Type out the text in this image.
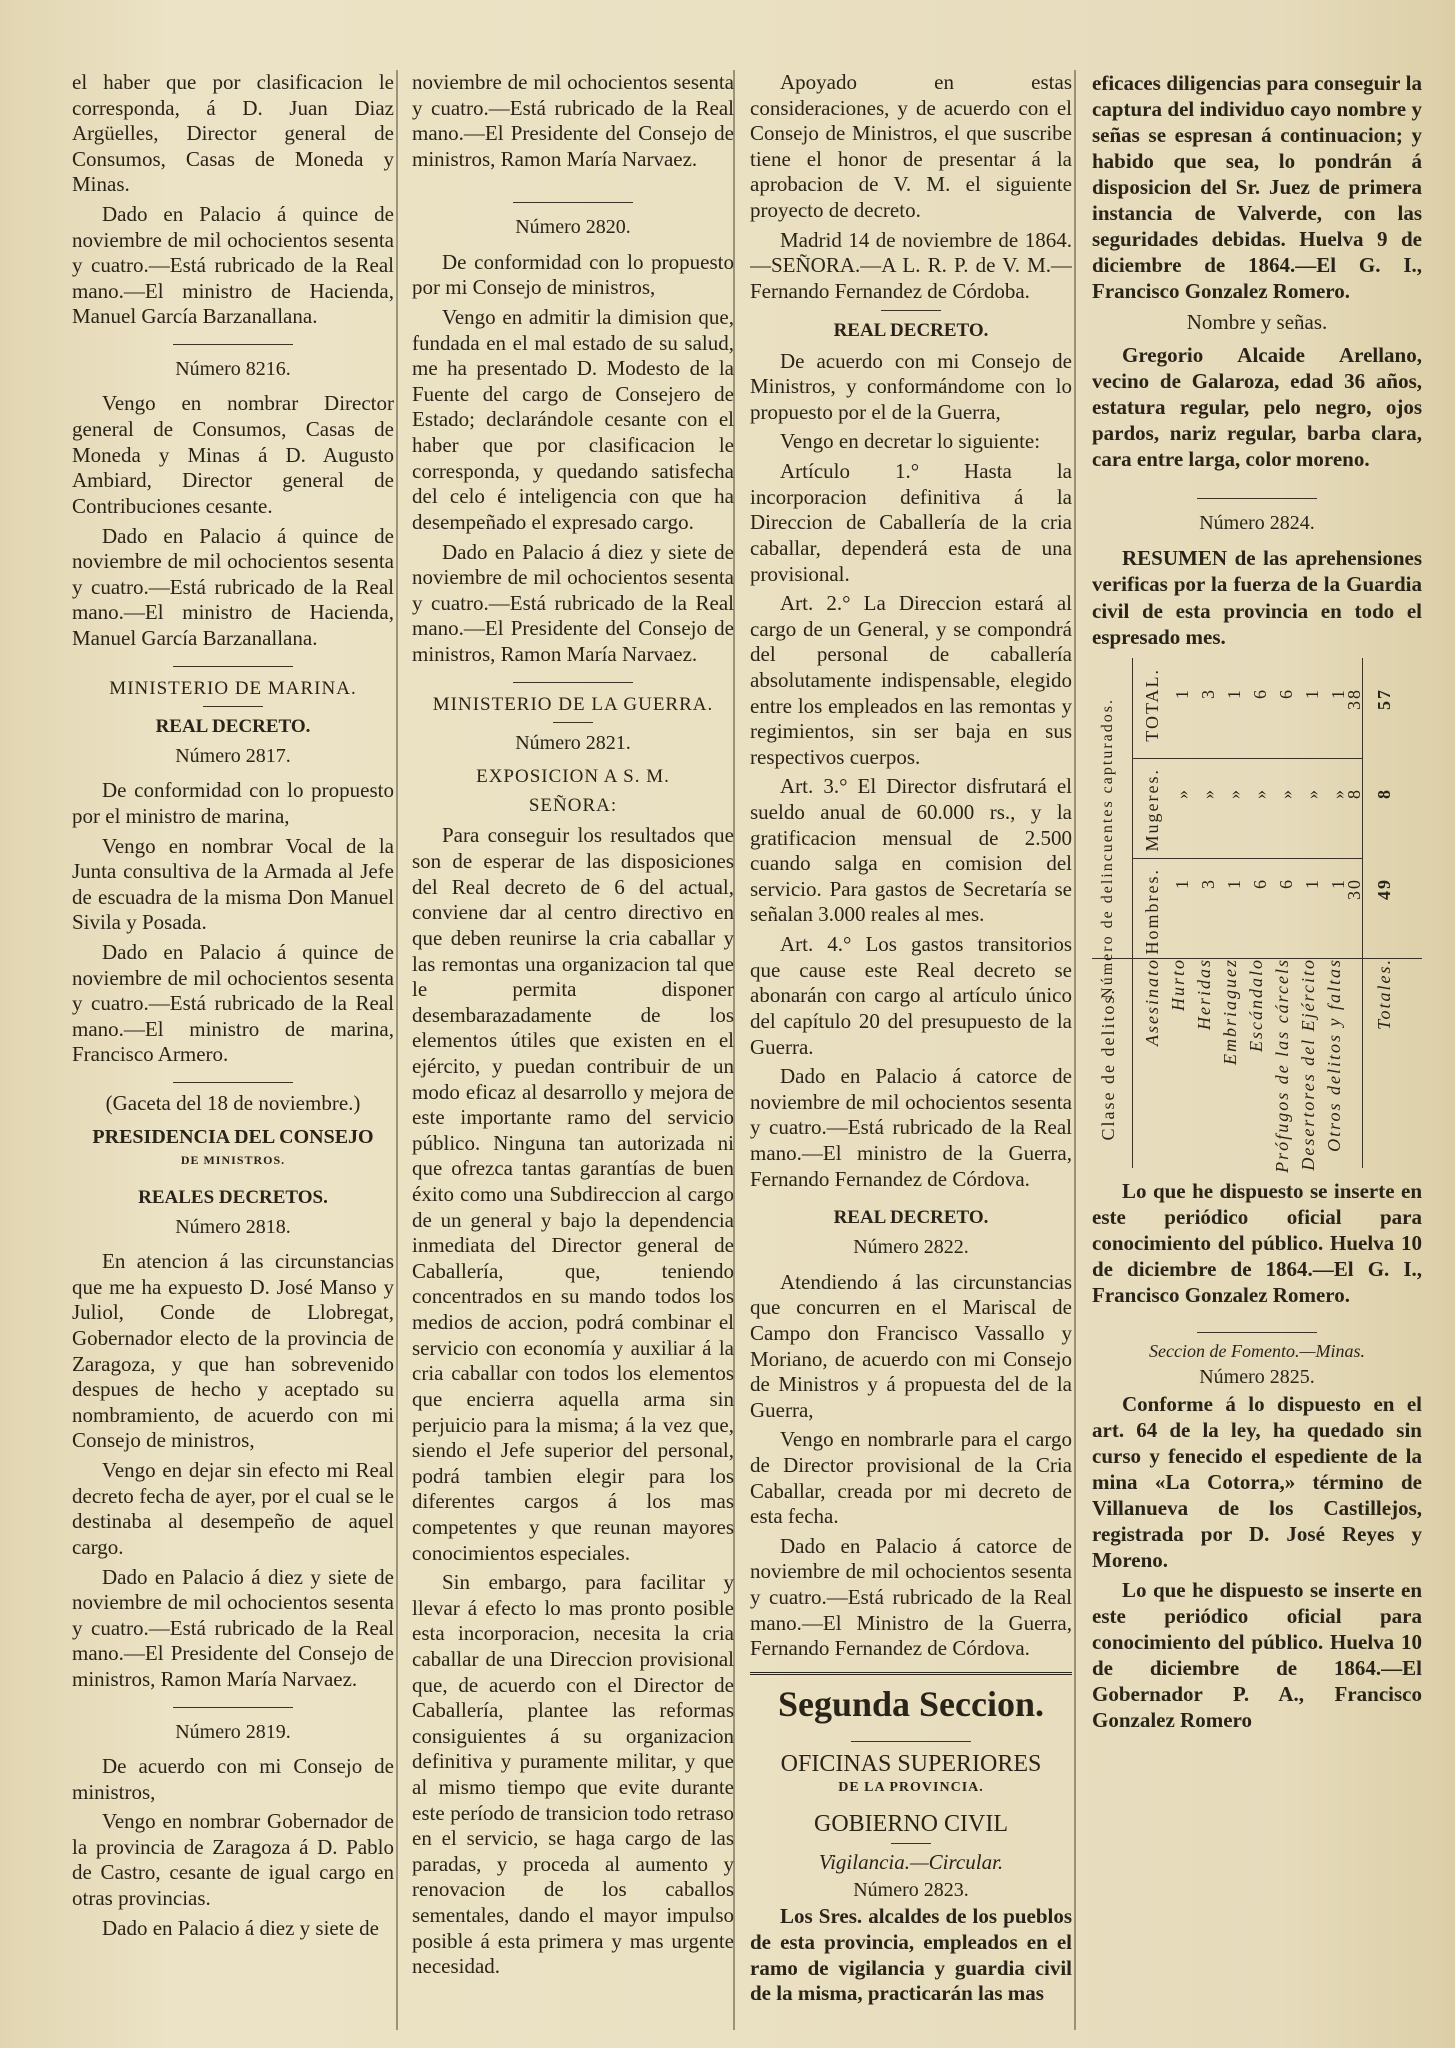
el haber que por clasificacion le corresponda, á D. Juan Diaz Argüelles, Director general de Consumos, Casas de Moneda y Minas.

Dado en Palacio á quince de noviembre de mil ochocientos sesenta y cuatro.—Está rubricado de la Real mano.—El ministro de Hacienda, Manuel García Barzanallana.

Número 8216.

Vengo en nombrar Director general de Consumos, Casas de Moneda y Minas á D. Augusto Ambiard, Director general de Contribuciones cesante.

Dado en Palacio á quince de noviembre de mil ochocientos sesenta y cuatro.—Está rubricado de la Real mano.—El ministro de Hacienda, Manuel García Barzanallana.

MINISTERIO DE MARINA.
REAL DECRETO.
Número 2817.

De conformidad con lo propuesto por el ministro de marina,

Vengo en nombrar Vocal de la Junta consultiva de la Armada al Jefe de escuadra de la misma Don Manuel Sivila y Posada.

Dado en Palacio á quince de noviembre de mil ochocientos sesenta y cuatro.—Está rubricado de la Real mano.—El ministro de marina, Francisco Armero.

(Gaceta del 18 de noviembre.)
PRESIDENCIA DEL CONSEJO
DE MINISTROS.
REALES DECRETOS.
Número 2818.

En atencion á las circunstancias que me ha expuesto D. José Manso y Juliol, Conde de Llobregat, Gobernador electo de la provincia de Zaragoza, y que han sobrevenido despues de hecho y aceptado su nombramiento, de acuerdo con mi Consejo de ministros,

Vengo en dejar sin efecto mi Real decreto fecha de ayer, por el cual se le destinaba al desempeño de aquel cargo.

Dado en Palacio á diez y siete de noviembre de mil ochocientos sesenta y cuatro.—Está rubricado de la Real mano.—El Presidente del Consejo de ministros, Ramon María Narvaez.

Número 2819.

De acuerdo con mi Consejo de ministros,

Vengo en nombrar Gobernador de la provincia de Zaragoza á D. Pablo de Castro, cesante de igual cargo en otras provincias.

Dado en Palacio á diez y siete de

noviembre de mil ochocientos sesenta y cuatro.—Está rubricado de la Real mano.—El Presidente del Consejo de ministros, Ramon María Narvaez.

Número 2820.

De conformidad con lo propuesto por mi Consejo de ministros,

Vengo en admitir la dimision que, fundada en el mal estado de su salud, me ha presentado D. Modesto de la Fuente del cargo de Consejero de Estado; declarándole cesante con el haber que por clasificacion le corresponda, y quedando satisfecha del celo é inteligencia con que ha desempeñado el expresado cargo.

Dado en Palacio á diez y siete de noviembre de mil ochocientos sesenta y cuatro.—Está rubricado de la Real mano.—El Presidente del Consejo de ministros, Ramon María Narvaez.

MINISTERIO DE LA GUERRA.
Número 2821.
EXPOSICION A S. M.
SEÑORA:

Para conseguir los resultados que son de esperar de las disposiciones del Real decreto de 6 del actual, conviene dar al centro directivo en que deben reunirse la cria caballar y las remontas una organizacion tal que le permita disponer desembarazadamente de los elementos útiles que existen en el ejército, y puedan contribuir de un modo eficaz al desarrollo y mejora de este importante ramo del servicio público. Ninguna tan autorizada ni que ofrezca tantas garantías de buen éxito como una Subdireccion al cargo de un general y bajo la dependencia inmediata del Director general de Caballería, que, teniendo concentrados en su mando todos los medios de accion, podrá combinar el servicio con economía y auxiliar á la cria caballar con todos los elementos que encierra aquella arma sin perjuicio para la misma; á la vez que, siendo el Jefe superior del personal, podrá tambien elegir para los diferentes cargos á los mas competentes y que reunan mayores conocimientos especiales.

Sin embargo, para facilitar y llevar á efecto lo mas pronto posible esta incorporacion, necesita la cria caballar de una Direccion provisional que, de acuerdo con el Director de Caballería, plantee las reformas consiguientes á su organizacion definitiva y puramente militar, y que al mismo tiempo que evite durante este período de transicion todo retraso en el servicio, se haga cargo de las paradas, y proceda al aumento y renovacion de los caballos sementales, dando el mayor impulso posible á esta primera y mas urgente necesidad.

Apoyado en estas consideraciones, y de acuerdo con el Consejo de Ministros, el que suscribe tiene el honor de presentar á la aprobacion de V. M. el siguiente proyecto de decreto.

Madrid 14 de noviembre de 1864.—SEÑORA.—A L. R. P. de V. M.—Fernando Fernandez de Córdoba.

REAL DECRETO.

De acuerdo con mi Consejo de Ministros, y conformándome con lo propuesto por el de la Guerra,

Vengo en decretar lo siguiente:

Artículo 1.° Hasta la incorporacion definitiva á la Direccion de Caballería de la cria caballar, dependerá esta de una provisional.

Art. 2.° La Direccion estará al cargo de un General, y se compondrá del personal de caballería absolutamente indispensable, elegido entre los empleados en las remontas y regimientos, sin ser baja en sus respectivos cuerpos.

Art. 3.° El Director disfrutará el sueldo anual de 60.000 rs., y la gratificacion mensual de 2.500 cuando salga en comision del servicio. Para gastos de Secretaría se señalan 3.000 reales al mes.

Art. 4.° Los gastos transitorios que cause este Real decreto se abonarán con cargo al artículo único del capítulo 20 del presupuesto de la Guerra.

Dado en Palacio á catorce de noviembre de mil ochocientos sesenta y cuatro.—Está rubricado de la Real mano.—El ministro de la Guerra, Fernando Fernandez de Córdova.

REAL DECRETO.
Número 2822.

Atendiendo á las circunstancias que concurren en el Mariscal de Campo don Francisco Vassallo y Moriano, de acuerdo con mi Consejo de Ministros y á propuesta del de la Guerra,

Vengo en nombrarle para el cargo de Director provisional de la Cria Caballar, creada por mi decreto de esta fecha.

Dado en Palacio á catorce de noviembre de mil ochocientos sesenta y cuatro.—Está rubricado de la Real mano.—El Ministro de la Guerra, Fernando Fernandez de Córdova.

Segunda Seccion.
OFICINAS SUPERIORES
DE LA PROVINCIA.
GOBIERNO CIVIL
Vigilancia.—Circular.
Número 2823.

Los Sres. alcaldes de los pueblos de esta provincia, empleados en el ramo de vigilancia y guardia civil de la misma, practicarán las mas

eficaces diligencias para conseguir la captura del individuo cayo nombre y señas se espresan á continuacion; y habido que sea, lo pondrán á disposicion del Sr. Juez de primera instancia de Valverde, con las seguridades debidas. Huelva 9 de diciembre de 1864.—El G. I., Francisco Gonzalez Romero.

Nombre y señas.

Gregorio Alcaide Arellano, vecino de Galaroza, edad 36 años, estatura regular, pelo negro, ojos pardos, nariz regular, barba clara, cara entre larga, color moreno.

Número 2824.

RESUMEN de las aprehensiones verificas por la fuerza de la Guardia civil de esta provincia en todo el espresado mes.

Clase de delitos.
Número de delincuentes capturados.
Asesinato Hurto Heridas Embriaguez Escándalo Prófugos de las cárcels Desertores del Ejército Otros delitos y faltas Totales.
Hombres.
Mugeres.
TOTAL.
1 3 1 6 6 1 1
30 49
» » » » » » »
8 8
1 3 1 6 6 1 1
38 57

Lo que he dispuesto se inserte en este periódico oficial para conocimiento del público. Huelva 10 de diciembre de 1864.—El G. I., Francisco Gonzalez Romero.

Seccion de Fomento.—Minas.
Número 2825.

Conforme á lo dispuesto en el art. 64 de la ley, ha quedado sin curso y fenecido el espediente de la mina «La Cotorra,» término de Villanueva de los Castillejos, registrada por D. José Reyes y Moreno.

Lo que he dispuesto se inserte en este periódico oficial para conocimiento del público. Huelva 10 de diciembre de 1864.—El Gobernador P. A., Francisco Gonzalez Romero
